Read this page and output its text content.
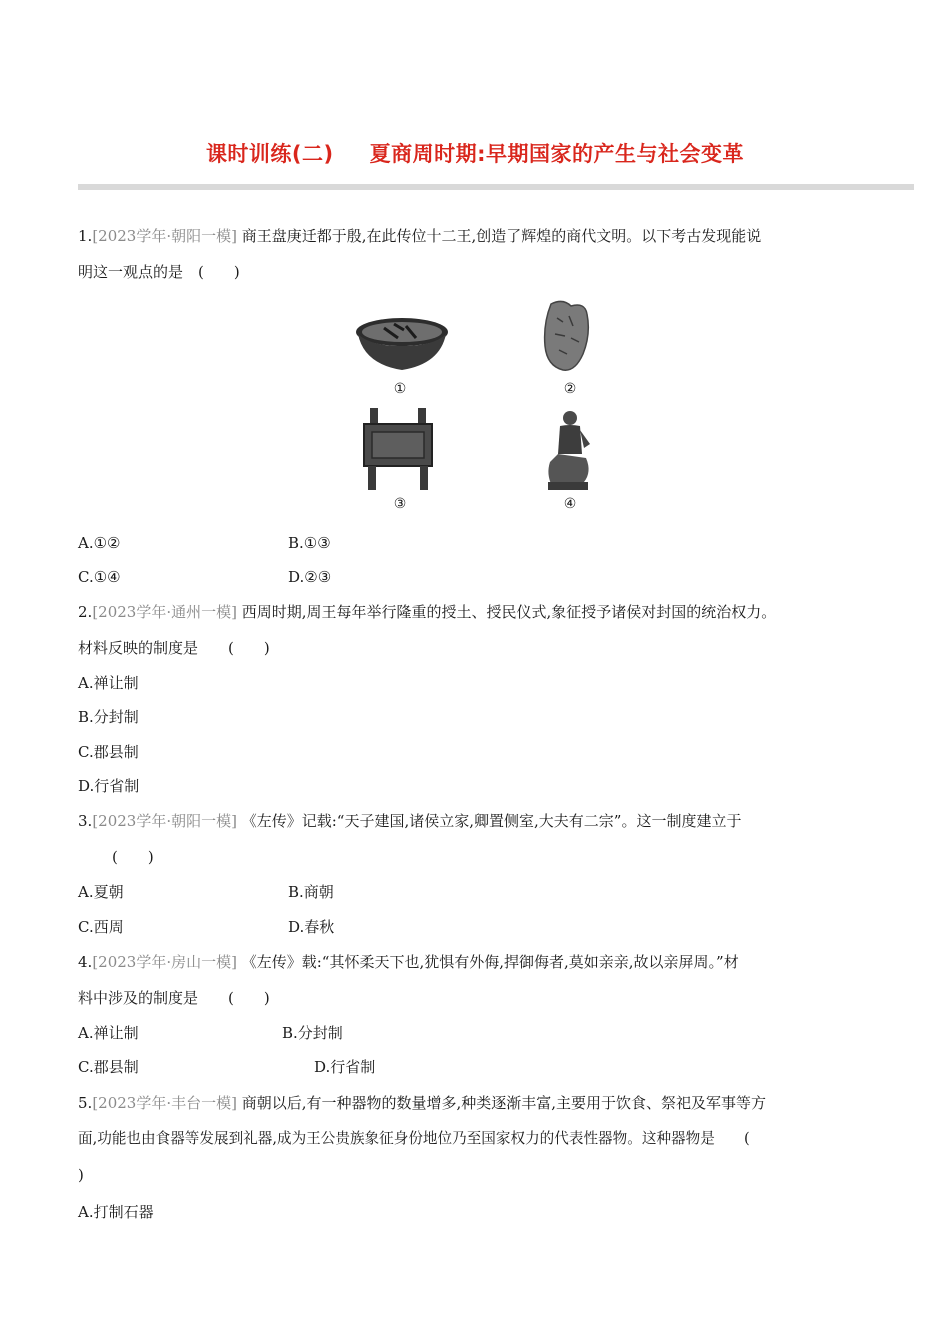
课时训练(二) 夏商周时期:早期国家的产生与社会变革
1.[2023学年·朝阳一模] 商王盘庚迁都于殷,在此传位十二王,创造了辉煌的商代文明。以下考古发现能说
明这一观点的是　(　　)
①	②
③	④
A.①②	B.①③
C.①④	D.②③
2.[2023学年·通州一模] 西周时期,周王每年举行隆重的授土、授民仪式,象征授予诸侯对封国的统治权力。
材料反映的制度是　　(　　)
A.禅让制
B.分封制
C.郡县制
D.行省制
3.[2023学年·朝阳一模] 《左传》记载:“天子建国,诸侯立家,卿置侧室,大夫有二宗”。这一制度建立于
(　　)
A.夏朝	B.商朝
C.西周	D.春秋
4.[2023学年·房山一模] 《左传》载:“其怀柔天下也,犹惧有外侮,捍御侮者,莫如亲亲,故以亲屏周。”材
料中涉及的制度是　　(　　)
A.禅让制	B.分封制
C.郡县制	D.行省制
5.[2023学年·丰台一模] 商朝以后,有一种器物的数量增多,种类逐渐丰富,主要用于饮食、祭祀及军事等方
面,功能也由食器等发展到礼器,成为王公贵族象征身份地位乃至国家权力的代表性器物。这种器物是　　(
)
A.打制石器
